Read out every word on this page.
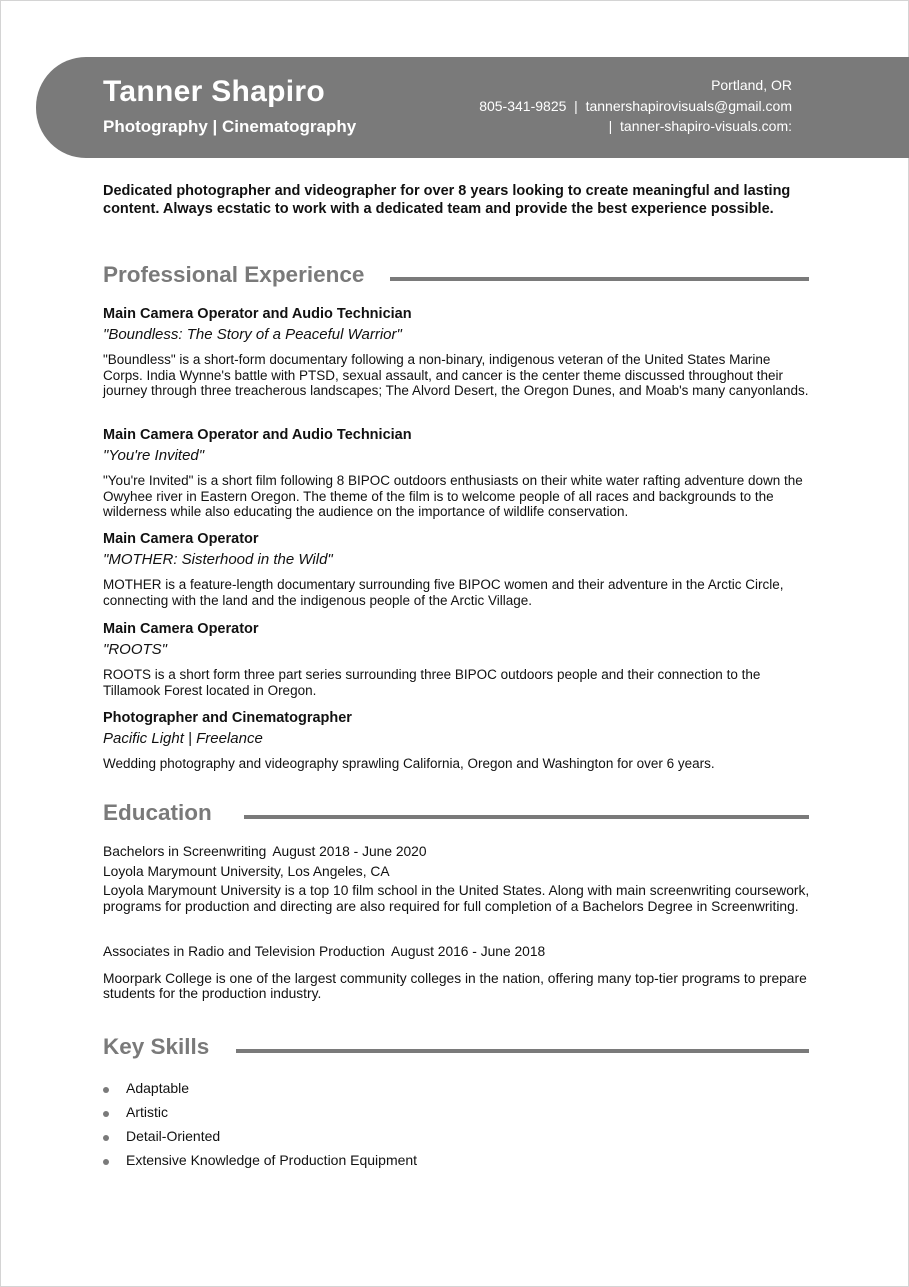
Tanner Shapiro
Photography | Cinematography
Portland, OR
805-341-9825  |  tannershapirovisuals@gmail.com
|  tanner-shapiro-visuals.com:
Dedicated photographer and videographer for over 8 years looking to create meaningful and lasting content. Always ecstatic to work with a dedicated team and provide the best experience possible.
Professional Experience
Main Camera Operator and Audio Technician
"Boundless: The Story of a Peaceful Warrior"
"Boundless" is a short-form documentary following a non-binary, indigenous veteran of the United States Marine Corps. India Wynne's battle with PTSD, sexual assault, and cancer is the center theme discussed throughout their journey through three treacherous landscapes; The Alvord Desert, the Oregon Dunes, and Moab's many canyonlands.
Main Camera Operator and Audio Technician
"You're Invited"
"You're Invited" is a short film following 8 BIPOC outdoors enthusiasts on their white water rafting adventure down the Owyhee river in Eastern Oregon. The theme of the film is to welcome people of all races and backgrounds to the wilderness while also educating the audience on the importance of wildlife conservation.
Main Camera Operator
"MOTHER: Sisterhood in the Wild"
MOTHER is a feature-length documentary surrounding five BIPOC women and their adventure in the Arctic Circle, connecting with the land and the indigenous people of the Arctic Village.
Main Camera Operator
"ROOTS"
ROOTS is a short form three part series surrounding three BIPOC outdoors people and their connection to the Tillamook Forest located in Oregon.
Photographer and Cinematographer
Pacific Light | Freelance
Wedding photography and videography sprawling California, Oregon and Washington for over 6 years.
Education
Bachelors in Screenwriting August 2018 - June 2020
Loyola Marymount University, Los Angeles, CA
Loyola Marymount University is a top 10 film school in the United States. Along with main screenwriting coursework, programs for production and directing are also required for full completion of a Bachelors Degree in Screenwriting.
Associates in Radio and Television Production August 2016 - June 2018
Moorpark College is one of the largest community colleges in the nation, offering many top-tier programs to prepare students for the production industry.
Key Skills
Adaptable
Artistic
Detail-Oriented
Extensive Knowledge of Production Equipment
